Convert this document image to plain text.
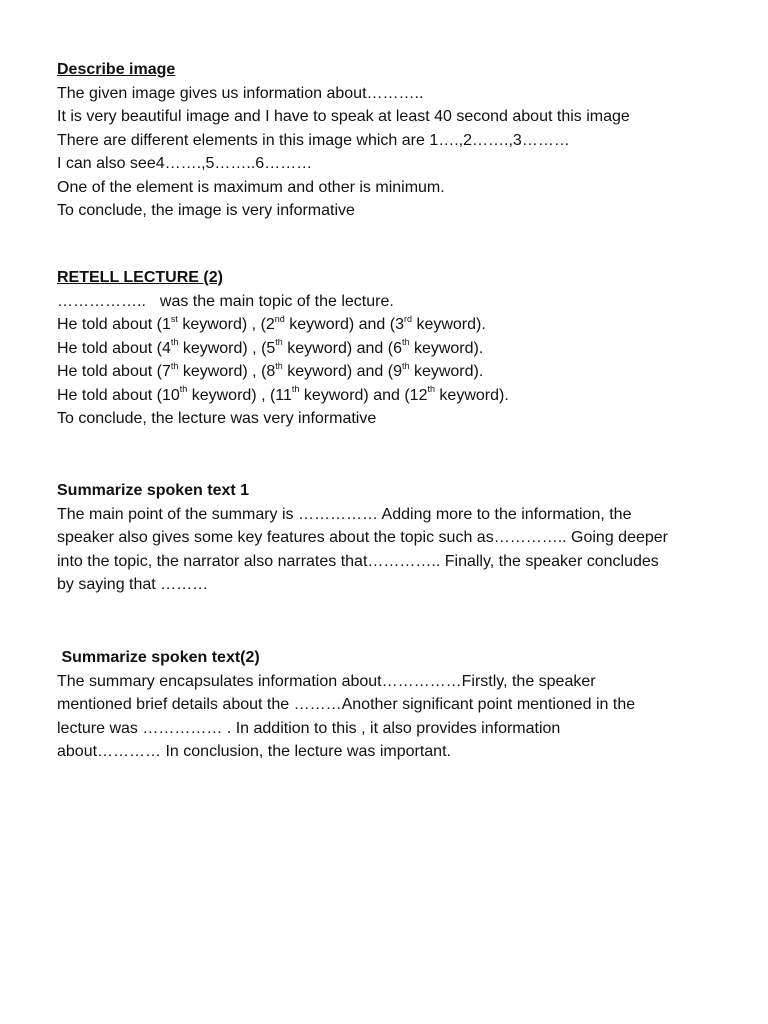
Describe image
The given image gives us information about………..
It is very beautiful image and I have to speak at least 40 second about this image
There are different elements in this image which are 1….,2…….,3………
I can also see4…….,5……..6………
One of the element is maximum and other is minimum.
To conclude, the image is very informative
RETELL LECTURE (2)
…………….. was the main topic of the lecture.
He told about (1st keyword) , (2nd keyword) and (3rd keyword).
He told about (4th keyword) , (5th keyword) and (6th keyword).
He told about (7th keyword) , (8th keyword) and (9th keyword).
He told about (10th keyword) , (11th keyword) and (12th keyword).
To conclude, the lecture was very informative
Summarize spoken text 1
The main point of the summary is …………… Adding more to the information, the
speaker also gives some key features about the topic such as………….. Going deeper
into the topic, the narrator also narrates that………….. Finally, the speaker concludes
by saying that ………
Summarize spoken text(2)
The summary encapsulates information about……………Firstly, the speaker
mentioned brief details about the ………Another significant point mentioned in the
lecture was …………… . In addition to this , it also provides information
about………… In conclusion, the lecture was important.
